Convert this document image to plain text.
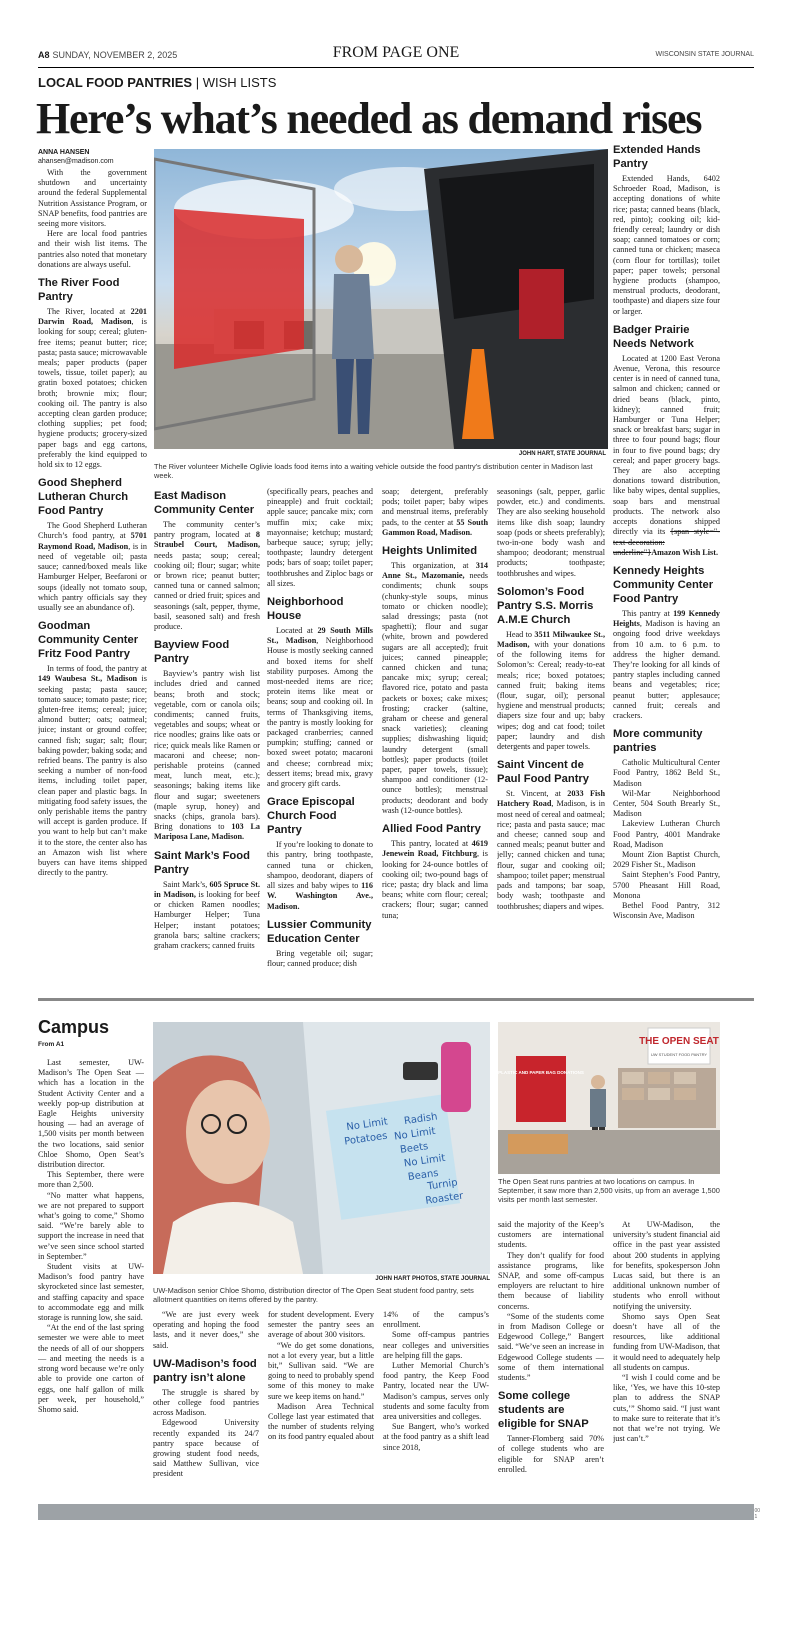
A8 SUNDAY, NOVEMBER 2, 2025	FROM PAGE ONE	WISCONSIN STATE JOURNAL
LOCAL FOOD PANTRIES | WISH LISTS
Here’s what’s needed as demand rises

ANNA HANSEN

ahansen@madison.com

With the government shutdown and uncertainty around the federal Supplemental Nutrition Assistance Program, or SNAP benefits, food pantries are seeing more visitors.

Here are local food pantries and their wish list items. The pantries also noted that monetary donations are always useful.

The River Food Pantry

The River, located at 2201 Darwin Road, Madison, is looking for soup; cereal; gluten-free items; peanut butter; rice; pasta; pasta sauce; microwavable meals; paper products (paper towels, tissue, toilet paper); au gratin boxed potatoes; chicken broth; brownie mix; flour; cooking oil. The pantry is also accepting clean garden produce; clothing supplies; pet food; hygiene products; grocery-sized paper bags and egg cartons, preferably the kind equipped to hold six to 12 eggs.

Good Shepherd Lutheran Church Food Pantry

The Good Shepherd Lutheran Church’s food pantry, at 5701 Raymond Road, Madison, is in need of vegetable oil; pasta sauce; canned/boxed meals like Hamburger Helper, Beefaroni or soups (ideally not tomato soup, which pantry officials say they usually see an abundance of).

Goodman Community Center Fritz Food Pantry

In terms of food, the pantry at 149 Waubesa St., Madison is seeking pasta; pasta sauce; tomato sauce; tomato paste; rice; gluten-free items; cereal; juice; almond butter; oats; oatmeal; juice; instant or ground coffee; canned fish; sugar; salt; flour; baking powder; baking soda; and refried beans. The pantry is also seeking a number of non-food items, including toilet paper, clean paper and plastic bags. In mitigating food safety issues, the only perishable items the pantry will accept is garden produce. If you want to help but can’t make it to the store, the center also has an Amazon wish list where buyers can have items shipped directly to the pantry.

JOHN HART, STATE JOURNAL
The River volunteer Michelle Oglivie loads food items into a waiting vehicle outside the food pantry’s distribution center in Madison last week.
East Madison Community Center

The community center’s pantry program, located at 8 Straubel Court, Madison, needs pasta; soup; cereal; cooking oil; flour; sugar; white or brown rice; peanut butter; canned tuna or canned salmon; canned or dried fruit; spices and seasonings (salt, pepper, thyme, basil, seasoned salt) and fresh produce.

Bayview Food Pantry

Bayview’s pantry wish list includes dried and canned beans; broth and stock; vegetable, corn or canola oils; condiments; canned fruits, vegetables and soups; wheat or rice noodles; grains like oats or rice; quick meals like Ramen or macaroni and cheese; non-perishable proteins (canned meat, lunch meat, etc.); seasonings; baking items like flour and sugar; sweeteners (maple syrup, honey) and snacks (chips, granola bars). Bring donations to 103 La Mariposa Lane, Madison.

Saint Mark’s Food Pantry

Saint Mark’s, 605 Spruce St. in Madison, is looking for beef or chicken Ramen noodles; Hamburger Helper; Tuna Helper; instant potatoes; granola bars; saltine crackers; graham crackers; canned fruits

(specifically pears, peaches and pineapple) and fruit cocktail; apple sauce; pancake mix; corn muffin mix; cake mix; mayonnaise; ketchup; mustard; barbeque sauce; syrup; jelly; toothpaste; laundry detergent pods; bars of soap; toilet paper; toothbrushes and Ziploc bags or all sizes.

Neighborhood House

Located at 29 South Mills St., Madison, Neighborhood House is mostly seeking canned and boxed items for shelf stability purposes. Among the most-needed items are rice; protein items like meat or beans; soup and cooking oil. In terms of Thanksgiving items, the pantry is mostly looking for packaged cranberries; canned pumpkin; stuffing; canned or boxed sweet potato; macaroni and cheese; cornbread mix; dessert items; bread mix, gravy and grocery gift cards.

Grace Episcopal Church Food Pantry

If you’re looking to donate to this pantry, bring toothpaste, canned tuna or chicken, shampoo, deodorant, diapers of all sizes and baby wipes to 116 W. Washington Ave., Madison.

Lussier Community Education Center

Bring vegetable oil; sugar; flour; canned produce; dish

soap; detergent, preferably pods; toilet paper; baby wipes and menstrual items, preferably pads, to the center at 55 South Gammon Road, Madison.

Heights Unlimited

This organization, at 314 Anne St., Mazomanie, needs condiments; chunk soups (chunky-style soups, minus tomato or chicken noodle); salad dressings; pasta (not spaghetti); flour and sugar (white, brown and powdered sugars are all accepted); fruit juices; canned pineapple; canned chicken and tuna; pancake mix; syrup; cereal; flavored rice, potato and pasta packets or boxes; cake mixes; frosting; cracker (saltine, graham or cheese and general snack varieties); cleaning supplies; dishwashing liquid; laundry detergent (small bottles); paper products (toilet paper, paper towels, tissue); shampoo and conditioner (12-ounce bottles); menstrual products; deodorant and body wash (12-ounce bottles).

Allied Food Pantry

This pantry, located at 4619 Jenewein Road, Fitchburg, is looking for 24-ounce bottles of cooking oil; two-pound bags of rice; pasta; dry black and lima beans; white corn flour; cereal; crackers; flour; sugar; canned tuna;

seasonings (salt, pepper, garlic powder, etc.) and condiments. They are also seeking household items like dish soap; laundry soap (pods or sheets preferably); two-in-one body wash and shampoo; deodorant; menstrual products; toothpaste; toothbrushes and wipes.

Solomon’s Food Pantry S.S. Morris A.M.E Church

Head to 3511 Milwaukee St., Madison, with your donations of the following items for Solomon’s: Cereal; ready-to-eat meals; rice; boxed potatoes; canned fruit; baking items (flour, sugar, oil); personal hygiene and menstrual products; diapers size four and up; baby wipes; dog and cat food; toilet paper; laundry and dish detergents and paper towels.

Saint Vincent de Paul Food Pantry

St. Vincent, at 2033 Fish Hatchery Road, Madison, is in most need of cereal and oatmeal; rice; pasta and pasta sauce; mac and cheese; canned soup and canned meals; peanut butter and jelly; canned chicken and tuna; flour, sugar and cooking oil; shampoo; toilet paper; menstrual pads and tampons; bar soap, body wash; toothpaste and toothbrushes; diapers and wipes.

Extended Hands Pantry

Extended Hands, 6402 Schroeder Road, Madison, is accepting donations of white rice; pasta; canned beans (black, red, pinto); cooking oil; kid-friendly cereal; laundry or dish soap; canned tomatoes or corn; canned tuna or chicken; maseca (corn flour for tortillas); toilet paper; paper towels; personal hygiene products (shampoo, menstrual products, deodorant, toothpaste) and diapers size four or larger.

Badger Prairie Needs Network

Located at 1200 East Verona Avenue, Verona, this resource center is in need of canned tuna, salmon and chicken; canned or dried beans (black, pinto, kidney); canned fruit; Hamburger or Tuna Helper; snack or breakfast bars; sugar in three to four pound bags; flour in four to five pound bags; dry cereal; and paper grocery bags. They are also accepting donations toward distribution, like baby wipes, dental supplies, soap bars and menstrual products. The network also accepts donations shipped directly via its {span style="-text-decoration: underline"}Amazon Wish List.

Kennedy Heights Community Center Food Pantry

This pantry at 199 Kennedy Heights, Madison is having an ongoing food drive weekdays from 10 a.m. to 6 p.m. to address the higher demand. They’re looking for all kinds of pantry staples including canned beans and vegetables; rice; peanut butter; applesauce; canned fruit; cereals and crackers.

More community pantries

Catholic Multicultural Center Food Pantry, 1862 Beld St., Madison

Wil-Mar Neighborhood Center, 504 South Brearly St., Madison

Lakeview Lutheran Church Food Pantry, 4001 Mandrake Road, Madison

Mount Zion Baptist Church, 2029 Fisher St., Madison

Saint Stephen’s Food Pantry, 5700 Pheasant Hill Road, Monona

Bethel Food Pantry, 312 Wisconsin Ave, Madison

Campus
From A1

Last semester, UW-Madison’s The Open Seat — which has a location in the Student Activity Center and a weekly pop-up distribution at Eagle Heights university housing — had an average of 1,500 visits per month between the two locations, said senior Chloe Shomo, Open Seat’s distribution director.

This September, there were more than 2,500.

“No matter what happens, we are not prepared to support what’s going to come,” Shomo said. “We’re barely able to support the increase in need that we’ve seen since school started in September.”

Student visits at UW-Madison’s food pantry have skyrocketed since last semester, and staffing capacity and space to accommodate egg and milk storage is running low, she said.

“At the end of the last spring semester we were able to meet the needs of all of our shoppers — and meeting the needs is a strong word because we’re only able to provide one carton of eggs, one half gallon of milk per week, per household,” Shomo said.

No Limit
Potatoes No Limit
Beets
Radish
No Limit
Beans
Turnip
Roaster
JOHN HART PHOTOS, STATE JOURNAL
UW-Madison senior Chloe Shomo, distribution director of The Open Seat student food pantry, sets allotment quantities on items offered by the pantry.
THE OPEN SEAT
UW STUDENT FOOD PANTRY
PLASTIC AND PAPER BAG DONATIONS
The Open Seat runs pantries at two locations on campus. In September, it saw more than 2,500 visits, up from an average 1,500 visits per month last semester.

“We are just every week operating and hoping the food lasts, and it never does,” she said.

UW-Madison’s food pantry isn’t alone

The struggle is shared by other college food pantries across Madison.

Edgewood University recently expanded its 24/7 pantry space because of growing student food needs, said Matthew Sullivan, vice president

for student development. Every semester the pantry sees an average of about 300 visitors.

“We do get some donations, not a lot every year, but a little bit,” Sullivan said. “We are going to need to probably spend some of this money to make sure we keep items on hand.”

Madison Area Technical College last year estimated that the number of students relying on its food pantry equaled about

14% of the campus’s enrollment.

Some off-campus pantries near colleges and universities are helping fill the gaps.

Luther Memorial Church’s food pantry, the Keep Food Pantry, located near the UW-Madison’s campus, serves only students and some faculty from area universities and colleges.

Sue Bangert, who’s worked at the food pantry as a shift lead since 2018,

said the majority of the Keep’s customers are international students.

They don’t qualify for food assistance programs, like SNAP, and some off-campus employers are reluctant to hire them because of liability concerns.

“Some of the students come in from Madison College or Edgewood College,” Bangert said. “We’ve seen an increase in Edgewood College students — some of them international students.”

Some college students are eligible for SNAP

Tanner-Flomberg said 70% of college students who are eligible for SNAP aren’t enrolled.

At UW-Madison, the university’s student financial aid office in the past year assisted about 200 students in applying for benefits, spokesperson John Lucas said, but there is an additional unknown number of students who enroll without notifying the university.

Shomo says Open Seat doesn’t have all of the resources, like additional funding from UW-Madison, that it would need to adequately help all students on campus.

“I wish I could come and be like, ‘Yes, we have this 10-step plan to address the SNAP cuts,’” Shomo said. “I just want to make sure to reiterate that it’s not that we’re not trying. We just can’t.”

00
1
